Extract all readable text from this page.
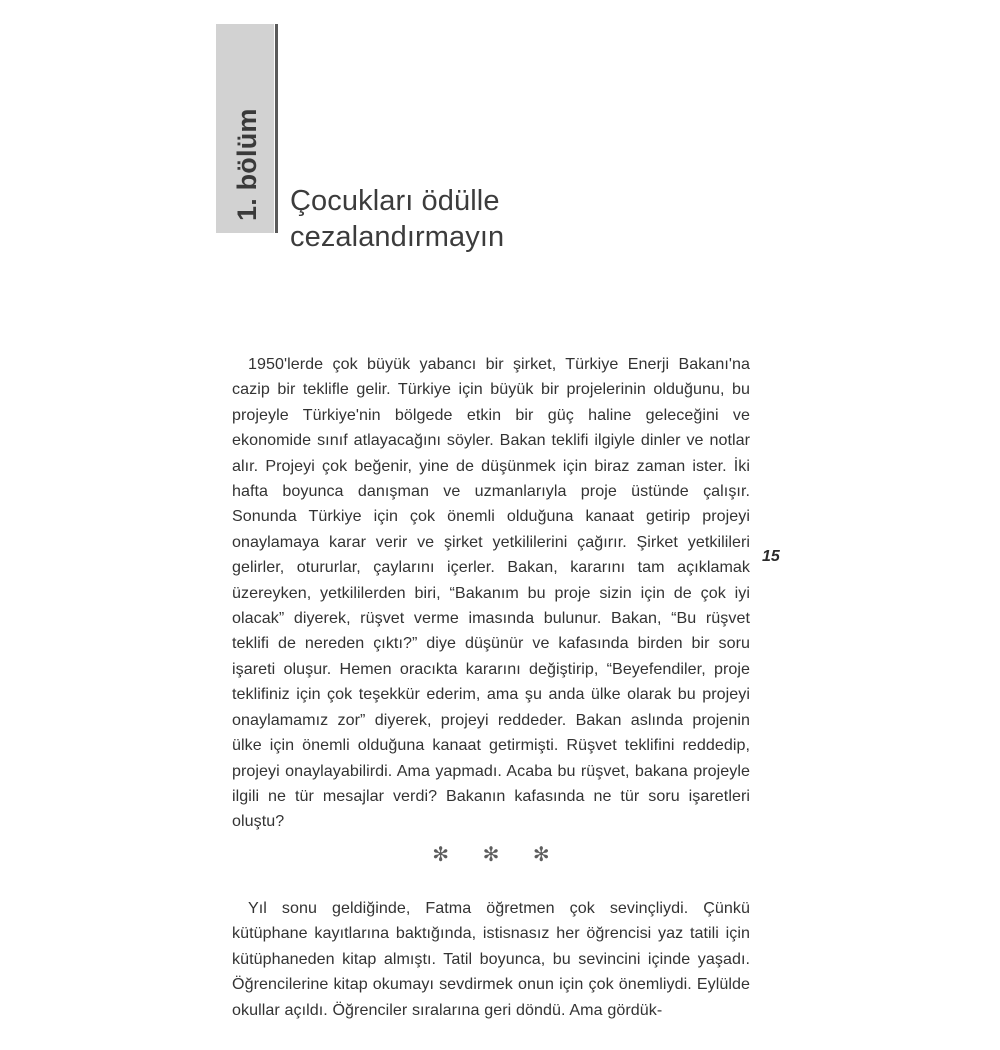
1. bölüm Çocukları ödülle
cezalandırmayın

1950'lerde çok büyük yabancı bir şirket, Türkiye Enerji Bakanı'na cazip bir teklifle gelir. Türkiye için büyük bir projelerinin olduğunu, bu projeyle Türkiye'nin bölgede etkin bir güç haline geleceğini ve ekonomide sınıf atlayacağını söyler. Bakan teklifi ilgiyle dinler ve notlar alır. Projeyi çok beğenir, yine de düşünmek için biraz zaman ister. İki hafta boyunca danışman ve uzmanlarıyla proje üstünde çalışır. Sonunda Türkiye için çok önemli olduğuna kanaat getirip projeyi onaylamaya karar verir ve şirket yetkililerini çağırır. Şirket yetkilileri gelirler, otururlar, çaylarını içerler. Bakan, kararını tam açıklamak üzereyken, yetkililerden biri, “Bakanım bu proje sizin için de çok iyi olacak” diyerek, rüşvet verme imasında bulunur. Bakan, “Bu rüşvet teklifi de nereden çıktı?” diye düşünür ve kafasında birden bir soru işareti oluşur. Hemen oracıkta kararını değiştirip, “Beyefendiler, proje teklifiniz için çok teşekkür ederim, ama şu anda ülke olarak bu projeyi onaylamamız zor” diyerek, projeyi reddeder. Bakan aslında projenin ülke için önemli olduğuna kanaat getirmişti. Rüşvet teklifini reddedip, projeyi onaylayabilirdi. Ama yapmadı. Acaba bu rüşvet, bakana projeyle ilgili ne tür mesajlar verdi? Bakanın kafasında ne tür soru işaretleri oluştu?

✻ ✻ ✻

Yıl sonu geldiğinde, Fatma öğretmen çok sevinçliydi. Çünkü kütüphane kayıtlarına baktığında, istisnasız her öğrencisi yaz tatili için kütüphaneden kitap almıştı. Tatil boyunca, bu sevincini içinde yaşadı. Öğrencilerine kitap okumayı sevdirmek onun için çok önemliydi. Eylülde okullar açıldı. Öğrenciler sıralarına geri döndü. Ama gördük-

15
